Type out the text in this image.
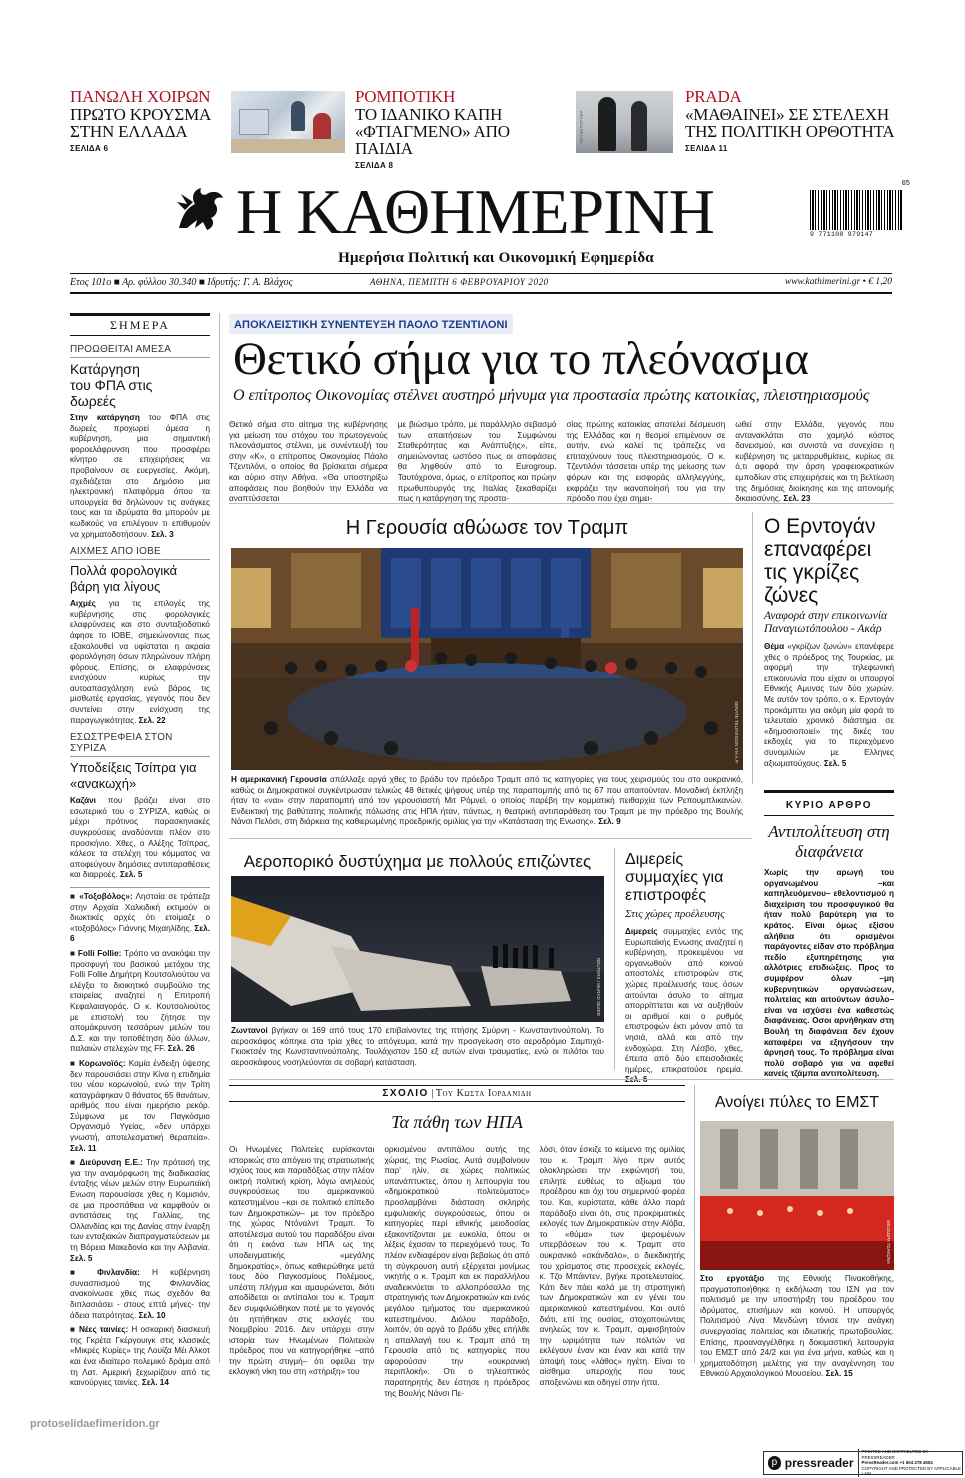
ΠΑΝΩΛΗ ΧΟΙΡΩΝ
ΠΡΩΤΟ ΚΡΟΥΣΜΑ ΣΤΗΝ ΕΛΛΑΔΑ
ΣΕΛΙΔΑ 6
ΡΟΜΠΟΤΙΚΗ
ΤΟ ΙΔΑΝΙΚΟ ΚΑΠΗ «ΦΤΙΑΓΜΕΝΟ» ΑΠΟ ΠΑΙΔΙΑ
ΣΕΛΙΔΑ 8
AP/LUCA BRUNO
PRADA
«ΜΑΘΑΙΝΕΙ» ΣΕ ΣΤΕΛΕΧΗ ΤΗΣ ΠΟΛΙΤΙΚΗ ΟΡΘΟΤΗΤΑ
ΣΕΛΙΔΑ 11
Η ΚΑΘΗΜΕΡΙΝΗ
Ημερήσια Πολιτική και Οικονομική Εφημερίδα
05
9 771108 979147
Ετος 101ο ■ Αρ. φύλλου 30.340 ■ Ιδρυτής: Γ. Α. Βλάχος	ΑΘΗΝΑ, ΠΕΜΠΤΗ 6 ΦΕΒΡΟΥΑΡΙΟΥ 2020	www.kathimerini.gr • € 1,20
ΣΗΜΕΡΑ
ΠΡΟΩΘΕΙΤΑΙ ΑΜΕΣΑ
Κατάργηση του ΦΠΑ στις δωρεές

Στην κατάργηση του ΦΠΑ στις δωρεές προχωρεί άμεσα η κυβέρνηση, μια σημαντική φοροελάφρυνση που προσφέρει κίνητρο σε επιχειρήσεις να προβαίνουν σε ευεργεσίες. Ακόμη, σχεδιάζεται στο Δημόσιο μια ηλεκτρονική πλατφόρμα όπου τα υπουργεία θα δηλώνουν τις ανάγκες τους και τα ιδρύματα θα μπορούν με κωδικούς να επιλέγουν τι επιθυμούν να χρηματοδοτήσουν. Σελ. 3

ΑΙΧΜΕΣ ΑΠΟ ΙΟΒΕ
Πολλά φορολογικά βάρη για λίγους

Αιχμές για τις επιλογές της κυβέρνησης στις φορολογικές ελαφρύνσεις και στο συνταξιοδοτικό άφησε το ΙΟΒΕ, σημειώνοντας πως εξακολουθεί να υφίσταται η ακραία φορολόγηση όσων πληρώνουν πλήρη φόρους. Επίσης, οι ελαφρύνσεις ενισχύουν κυρίως την αυτοαπασχόληση ενώ βάρος τις μισθωτές εργασίας, γεγονός που δεν συντείνει στην ενίσχυση της παραγωγικότητας. Σελ. 22

ΕΣΩΣΤΡΕΦΕΙΑ ΣΤΟΝ ΣΥΡΙΖΑ
Υποδείξεις Τσίπρα για «ανακωχή»

Καζάνι που βράζει είναι στο εσωτερικό του ο ΣΥΡΙΖΑ, καθώς οι μέχρι πρότινος παρασκηνιακές συγκρούσεις αναδύονται πλέον στο προσκήνιο. Χθες, ο Αλέξης Τσίπρας, κάλεσε τα στελέχη του κόμματος να αποφεύγουν δημόσιες αντιπαραθέσεις και διαρροές. Σελ. 5

■ «Τοξοβόλος»: Λησταία σε τράπεζα στην Αρχαία Χαλκιδική εκτιμούν οι διωκτικές αρχές ότι ετοίμαζε ο «τοξοβόλος» Γιάννης Μιχαηλίδης. Σελ. 6

■ Folli Follie: Τρόπο να ανακόψει την προσφυγή του βασικού μετόχου της Folli Follie Δημήτρη Κουτσολιούτου να ελέγξει το διοικητικό συμβούλιο της εταιρείας αναζητεί η Επιτροπή Κεφαλαιαγοράς. Ο κ. Κουτσολιούτος με επιστολή του ζήτησε την απομάκρυνση τεσσάρων μελών του Δ.Σ. και την τοποθέτηση δύο άλλων, παλαιών στελεχών της FF. Σελ. 26

■ Κορωνοϊός: Καμία ένδειξη ύψεσης δεν παρουσιάσει στην Κίνα η επιδημία του νέου κορωνοϊού, ενώ την Τρίτη καταγράφηκαν 0 θάνατος 65 θανάτων, αριθμός που είναι ημερήσιο ρεκόρ. Σύμφωνα με τον Παγκόσμιο Οργανισμό Υγείας, «δεν υπάρχει γνωστή, αποτελεσματική θεραπεία». Σελ. 11

■ Διεύρυνση Ε.Ε.: Την πρότασή της για την αναμόρφωση της διαδικασίας ένταξης νέων μελών στην Ευρωπαϊκή Ενωση παρουσίασε χθες η Κομισιόν, σε μια προσπάθεια να καμφθούν οι αντιστάσεις της Γαλλίας, της Ολλανδίας και της Δανίας στην έναρξη των ενταξιακών διαπραγματεύσεων με τη Βόρεια Μακεδονία και την Αλβανία. Σελ. 5

■ Φινλανδία: Η κυβέρνηση συνασπισμού της Φινλανδίας ανακοίνωσε χθες πως σχεδόν θα διπλασιάσει - στους επτά μήνες- την άδεια πατρότητας. Σελ. 10

■ Νέες ταινίες: Η οσκαρική διασκευή της Γκρέτα Γκέργουιγκ στις κλασικές «Μικρές Κυρίες» της Λουίζα Μέι Αλκοτ και ένα ιδιαίτερο πολεμικό δράμα από τη Λατ. Αμερική ξεχωρίζουν από τις καινούργιες ταινίες. Σελ. 14

ΑΠΟΚΛΕΙΣΤΙΚΗ ΣΥΝΕΝΤΕΥΞΗ ΠΑΟΛΟ ΤΖΕΝΤΙΛΟΝΙ
Θετικό σήμα για το πλεόνασμα
Ο επίτροπος Οικονομίας στέλνει αυστηρό μήνυμα για προστασία πρώτης κατοικίας, πλειστηριασμούς

Θετικό σήμα στο αίτημα της κυβέρνησης για μείωση του στόχου του πρωτογενούς πλεονάσματος στέλνει, με συνέντευξή του στην «Κ», ο επίτροπος Οικονομίας Πάολο Τζεντιλόνι, ο οποίος θα βρίσκεται σήμερα και αύριο στην Αθήνα. «Θα υποστηρίξω αποφάσεις που βοηθούν την Ελλάδα να αναπτύσσεται

με βιώσιμο τρόπο, με παράλληλο σεβασμό των απαιτήσεων του Συμφώνου Σταθερότητας και Ανάπτυξης», είπε, σημειώνοντας ωστόσο πως οι αποφάσεις θα ληφθούν από το Eurogroup. Ταυτόχρονα, όμως, ο επίτροπος και πρώην πρωθυπουργός της Ιταλίας ξεκαθαρίζει πως η κατάργηση της προστα-

σίας πρώτης κατοικίας αποτελεί δέσμευση της Ελλάδας και η θεσμοί επιμένουν σε αυτήν, ενώ καλεί τις τράπεζες να επιταχύνουν τους πλειστηριασμούς. Ο κ. Τζεντιλόνι τάσσεται υπέρ της μείωσης των φόρων και της εισφοράς αλληλεγγύης, εκφράζει την ικανοποίησή του για την πρόοδο που έχει σημει-

ωθεί στην Ελλάδα, γεγονός που αντανακλάται στο χαμηλό κόστος δανεισμού, και συνιστά να συνεχίσει η κυβέρνηση τις μεταρρυθμίσεις, κυρίως σε ό,τι αφορά την άρση γραφειοκρατικών εμποδίων στις επιχειρήσεις και τη βελτίωση της δημόσιας διοίκησης και της απονομής δικαιοσύνης. Σελ. 23

Η Γερουσία αθώωσε τον Τραμπ
SENATE TELEVISION VIA A.P.

Η αμερικανική Γερουσία απάλλαξε αργά χθες το βράδυ τον πρόεδρο Τραμπ από τις κατηγορίες για τους χειρισμούς του στο ουκρανικό, καθώς οι Δημοκρατικοί συγκέντρωσαν τελικώς 48 θετικές ψήφους υπέρ της παραπομπής από τις 67 που απαιτούνταν. Μοναδική έκπληξη ήταν το «ναι» στην παραπομπή από τον γερουσιαστή Μιτ Ρόμνεϊ, ο οποίος παρέβη την κομματική πειθαρχία των Ρεπουμπλικανών. Ενδεικτική της βαθύτατης πολιτικής πόλωσης στις ΗΠΑ ήταν, πάντως, η θεατρική αντιπαράθεση του Τραμπ με την πρόεδρο της Βουλής Νάνσι Πελόσι, στη διάρκεια της καθιερωμένης προεδρικής ομιλίας για την «Κατάσταση της Ενωσης». Σελ. 9

Ο Ερντογάν επαναφέρει τις γκρίζες ζώνες
Αναφορά στην επικοινωνία Παναγιωτόπουλου - Ακάρ

Θέμα «γκρίζων ζωνών» επανέφερε χθες ο πρόεδρος της Τουρκίας, με αφορμή την τηλεφωνική επικοινωνία που είχαν οι υπουργοί Εθνικής Αμυνας των δύο χωρών. Με αυτόν τον τρόπο, ο κ. Ερντογάν προκάμπτει για ακόμη μία φορά το τελευταίο χρονικό διάστημα σε «δημοσιοποιεί» της δικές του εκδοχές για το περιεχόμενο συνομιλιών με Ελληνες αξιωματούχους. Σελ. 5

ΚΥΡΙΟ ΑΡΘΡΟ
Αντιπολίτευση στη διαφάνεια

Χωρίς την αρωγή του οργανωμένου –και καπηλευόμενου– εθελοντισμού η διαχείριση του προσφυγικού θα ήταν πολύ βαρύτερη για το κράτος. Είναι όμως εξίσου αλήθεια ότι ορισμένοι παράγοντες είδαν στο πρόβλημα πεδίο εξυπηρέτησης για αλλότριες επιδιώξεις. Προς το συμφέρον όλων –μη κυβερνητικών οργανώσεων, πολιτείας και αιτούντων άσυλο– είναι να ισχύσει ένα καθεστώς διαφάνειας. Οσοι αρνήθηκαν στη Βουλή τη διαφάνεια δεν έχουν καταφέρει να εξηγήσουν την άρνησή τους. Το πρόβλημα είναι πολύ σοβαρό για να αφεθεί κανείς τζάμπα αντιπολίτευση.

Αεροπορικό δυστύχημα με πολλούς επιζώντες
REUTERS / MURAD SEZER

Ζωντανοί βγήκαν οι 169 από τους 170 επιβαίνοντες της πτήσης Σμύρνη - Κωνσταντινούπολη. Το αεροσκάφος κόπηκε στα τρία χθες το απόγευμα, κατά την προσγείωση στο αεροδρόμιο Σαμπιχά-Γκιοκτσέν της Κωνσταντινούπολης. Τουλάχιστον 150 εξ αυτών είναι τραυματίες, ενώ οι πιλότοι του αεροσκάφους νοσηλεύονται σε σοβαρή κατάσταση.

Διμερείς συμμαχίες για επιστροφές
Στις χώρες προέλευσης

Διμερείς συμμαχίες εντός της Ευρωπαϊκής Ενωσης αναζητεί η κυβέρνηση, προκειμένου να οργανωθούν από κοινού αποστολές επιστροφών στις χώρες προέλευσής τους όσων αιτούνται άσυλο το αίτημα απορρίπτεται και να αυξηθούν οι αριθμοί και ο ρυθμός επιστροφών έκτι μόνον από τα νησιά, αλλά και από την ενδοχώρα. Στη Λέσβο, χθες, έπειτα από δύο επεισοδιακές ημέρες, επικρατούσε ηρεμία.

ΣΧΟΛΙΟ | Του Κωστα Ιορδανιδη
Τα πάθη των ΗΠΑ

Οι Ηνωμένες Πολιτείες ευρίσκονται ιστορικώς στο απόγειο της στρατιωτικής ισχύος τους και παραδόξως στην πλέον οικτρή πολιτική κρίση, λόγω ανηλεούς συγκρούσεως του αμερικανικού κατεστημένου –και σε πολιτικό επίπεδο των Δημοκρατικών– με τον πρόεδρο της χώρας Ντόναλντ Τραμπ. Το αποτέλεσμα αυτού του παραδόξου είναι ότι η εικόνα των ΗΠΑ ως της υποδειγματικής «μεγάλης δημοκρατίας», όπως καθιερώθηκε μετά τους δύο Παγκοσμίους Πολέμους, υπέστη πλήγμα και αμαυρώνεται, διότι αποδίδεται οι αντίπαλοι του κ. Τραμπ δεν συμφιλιώθηκαν ποτέ με το γεγονός ότι ηττήθηκαν στις εκλογές του Νοεμβρίου 2016. Δεν υπάρχει στην ιστορία των Ηνωμένων Πολιτειών πρόεδρος που να κατηγορήθηκε –από την πρώτη στιγμή– ότι οφείλει την εκλογική νίκη του στη «στήριξη» του

ορκισμένου αντιπάλου αυτής της χώρας, της Ρωσίας. Αυτά συμβαίνουν παρ' ηλίν, σε χώρες πολιτικώς υπανάπτυκτες, όπου η λεπουργία του «δημοκρατικού πολιτεύματος» προσλαμβάνει διάσταση σκληρής εμφυλιακής συγκρούσεως, όπου οι κατηγορίες περί εθνικής μειοδοσίας εξακοντίζονται με ευκολία, όπου οι λέξεις έχασαν το περιεχόμενό τους. Το πλέον ενδιαφέρον είναι βεβαίως ότι από τη σύγκρουση αυτή εξέρχεται μονίμως νικητής ο κ. Τραμπ και εκ παραλλήλου αναδεικνύεται το αλλοπρόσαλλο της στρατηγικής των Δημοκρατικών και ενός μεγάλου τμήματος του αμερικανικού κατεστημένου. Διόλου παράδοξο, λοιπόν, ότι αργά το βράδυ χθες επήλθε η απαλλαγή του κ. Τραμπ από τη Γερουσία από τις κατηγορίες που αφορούσαν την «ουκρανική περιπλοκή». Οτι ο τηλεοπτικός παρατηρητής δεν έστησε η πρόεδρος της Βουλής Νάνσι Πε-

λόσι, όταν έσκιζε το κείμενο της ομιλίας του κ. Τραμπ λίγο πριν αυτός ολοκληρώσει την εκφώνησή του, επιλητε ευθέως το αξίωμα του προέδρου και όχι του σημερινού φορέα του. Και, κυρίστατα, κάθε άλλο παρά παράδοξο είναι ότι, στις προκριματικές εκλογές των Δημοκρατικών στην Αϊόβα, το «θύμα» των ψεροιμένων υπερβάσεων του κ. Τραμπ στο ουκρανικό «σκάνδαλο», ο διεκδικητής του χρίσματος στις προσεχείς εκλογές, κ. Τζο Μπάιντεν, βγήκε προτελευταίος. Κάτι δεν πάει καλά με τη στρατηγική των Δημοκρατικών και εν γένει του αμερικανικού κατεστημένου. Και αυτό διότι, επί της ουσίας, στοχοποιώντας ανηλεώς τον κ. Τραμπ, αμφισβητούν την ωριμότητα των πολιτών να εκλέγουν έναν και έναν και κατά την άποψή τους «λάθος» ηγέτη. Είναι το αίσθημα υπεροχής που τους αποξενώνει και οδηγεί στην ήττα.

Ανοίγει πύλες το ΕΜΣΤ
ΘΕΟΔΩΡΑ ΤΣΑΚΩΝΑ

Στο εργοτάξιο της Εθνικής Πινακοθήκης, πραγματοποιήθηκε η εκδήλωση του ΙΣΝ για τον πολιτισμό με την υποστήριξη του προέδρου του ιδρύματος, επισήμων και κοινού. Η υπουργός Πολιτισμού Λίνα Μενδώνη τόνισε την ανάγκη συνεργασίας πολιτείας και ιδιωτικής πρωτοβουλίας. Επίσης, προαναγγέλθηκε η δοκιμαστική λειτουργία του ΕΜΣΤ από 24/2 και για ένα μήνα, καθώς και η χρηματοδότηση μελέτης για την αναγέννηση του Εθνικού Αρχαιολογικού Μουσείου. Σελ. 15

protoselidaefimeridon.gr
p pressreader
PRINTED AND DISTRIBUTED BY PRESSREADER
PressReader.com +1 604 278 4604
COPYRIGHT AND PROTECTED BY APPLICABLE LAW
